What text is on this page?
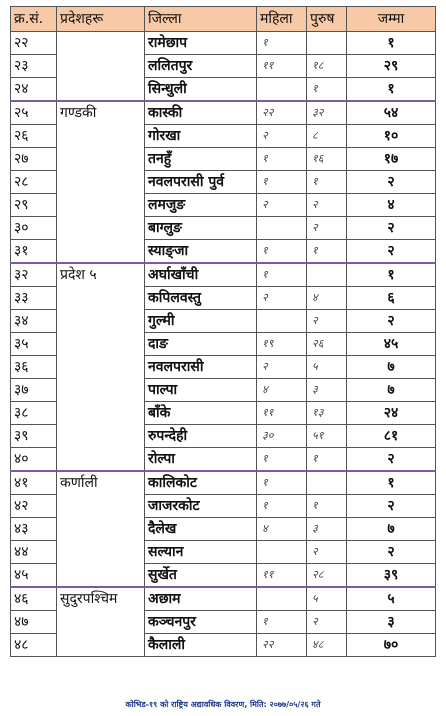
क्र.सं.	प्रदेशहरू	जिल्ला	महिला	पुरुष	जम्मा
२२		रामेछाप	१		१
२३		ललितपुर	११	१८	२९
२४		सिन्धुली		१	१
२५	गण्डकी	कास्की	२२	३२	५४
२६		गोरखा	२	८	१०
२७		तनहुँ	१	१६	१७
२८		नवलपरासी पुर्व	१	१	२
२९		लमजुङ	२	२	४
३०		बाग्लुङ		२	२
३१		स्याङ्जा	१	१	२
३२	प्रदेश ५	अर्घाखाँची	१		१
३३		कपिलवस्तु	२	४	६
३४		गुल्मी		२	२
३५		दाङ	१९	२६	४५
३६		नवलपरासी	२	५	७
३७		पाल्पा	४	३	७
३८		बाँके	११	१३	२४
३९		रुपन्देही	३०	५१	८१
४०		रोल्पा	१	१	२
४१	कर्णाली	कालिकोट	१		१
४२		जाजरकोट	१	१	२
४३		दैलेख	४	३	७
४४		सल्यान		२	२
४५		सुर्खेत	११	२८	३९
४६	सुदुरपश्चिम	अछाम		५	५
४७		कञ्चनपुर	१	२	३
४८		कैलाली	२२	४८	७०
कोभिड-१९ को राष्ट्रिय अद्यावधिक विवरण, मिति: २०७७/०५/२६ गते
